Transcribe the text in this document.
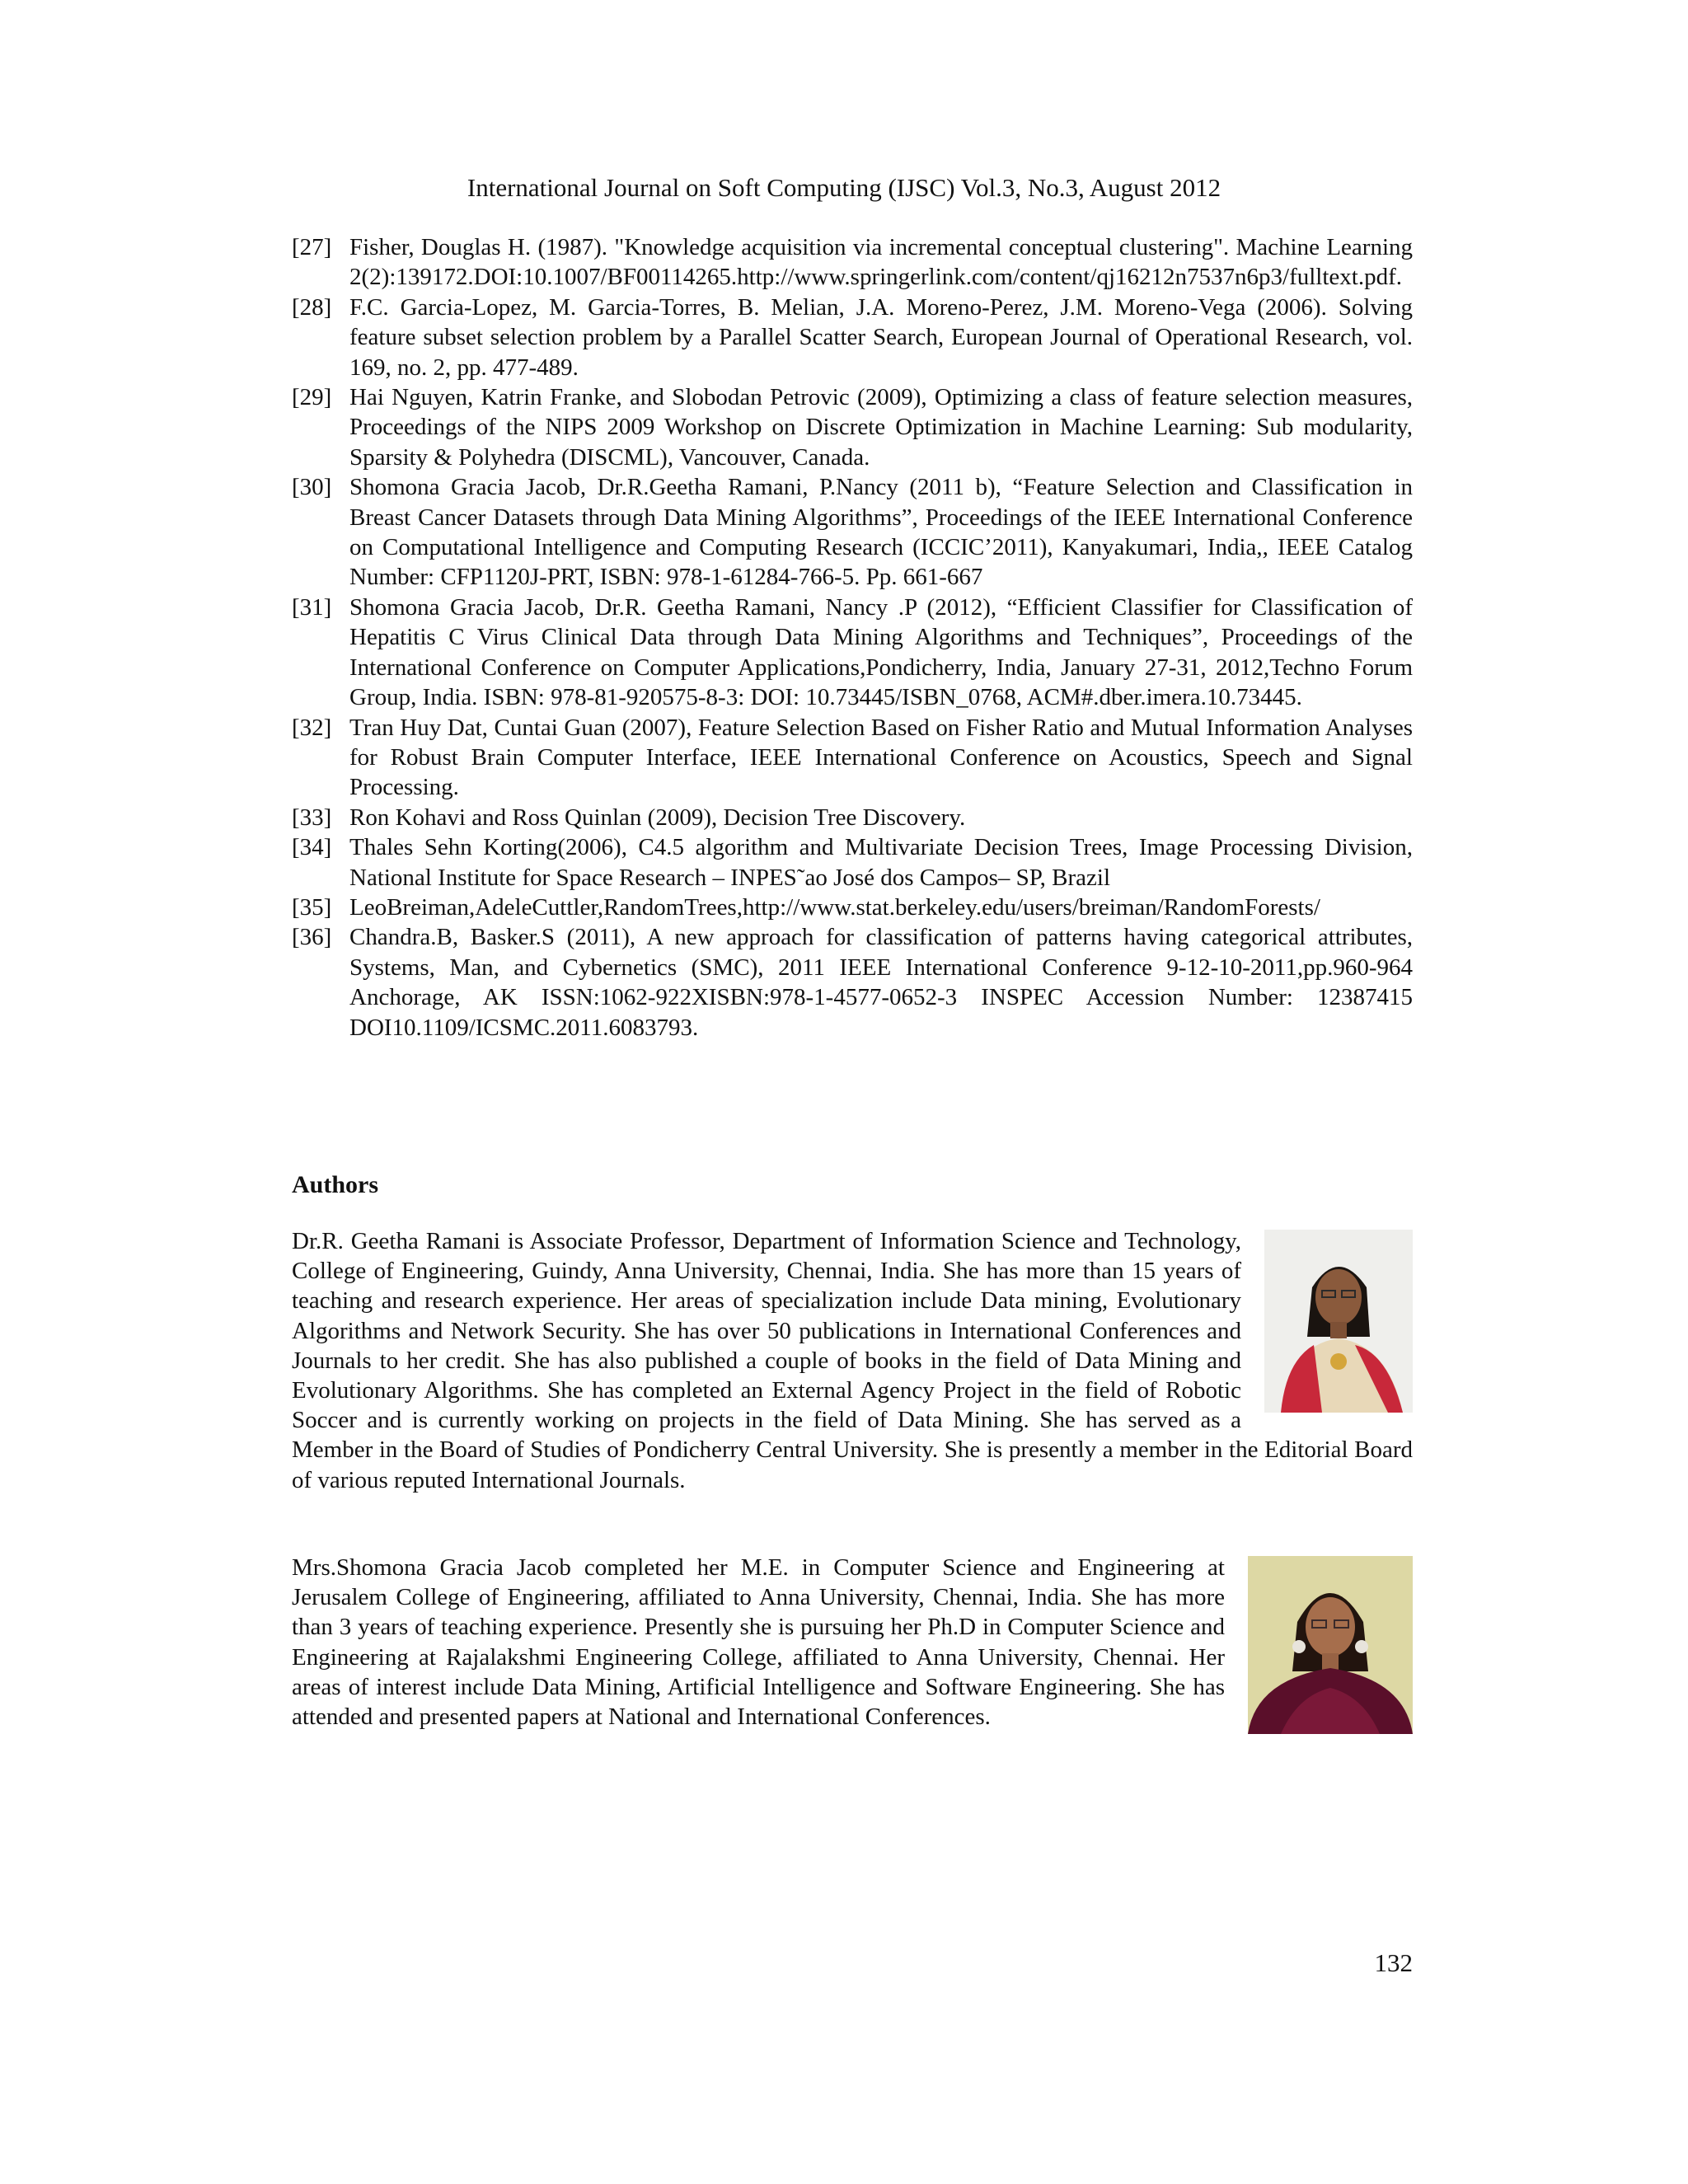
International Journal on Soft Computing (IJSC) Vol.3, No.3, August 2012
[27] Fisher, Douglas H. (1987). "Knowledge acquisition via incremental conceptual clustering". Machine Learning2(2):139172.DOI:10.1007/BF00114265.http://www.springerlink.com/content/qj16212n7537n6p3/fulltext.pdf.
[28] F.C. Garcia-Lopez, M. Garcia-Torres, B. Melian, J.A. Moreno-Perez, J.M. Moreno-Vega (2006). Solving feature subset selection problem by a Parallel Scatter Search, European Journal of Operational Research, vol. 169, no. 2, pp. 477-489.
[29] Hai Nguyen, Katrin Franke, and Slobodan Petrovic (2009), Optimizing a class of feature selection measures, Proceedings of the NIPS 2009 Workshop on Discrete Optimization in Machine Learning: Sub modularity, Sparsity & Polyhedra (DISCML), Vancouver, Canada.
[30] Shomona Gracia Jacob, Dr.R.Geetha Ramani, P.Nancy (2011 b), “Feature Selection and Classification in Breast Cancer Datasets through Data Mining Algorithms”, Proceedings of the IEEE International Conference on Computational Intelligence and Computing Research (ICCIC’2011), Kanyakumari, India,, IEEE Catalog Number: CFP1120J-PRT, ISBN: 978-1-61284-766-5. Pp. 661-667
[31] Shomona Gracia Jacob, Dr.R. Geetha Ramani, Nancy .P (2012), “Efficient Classifier for Classification of Hepatitis C Virus Clinical Data through Data Mining Algorithms and Techniques”, Proceedings of the International Conference on Computer Applications,Pondicherry, India, January 27-31, 2012,Techno Forum Group, India. ISBN: 978-81-920575-8-3: DOI: 10.73445/ISBN_0768, ACM#.dber.imera.10.73445.
[32] Tran Huy Dat, Cuntai Guan (2007), Feature Selection Based on Fisher Ratio and Mutual Information Analyses for Robust Brain Computer Interface, IEEE International Conference on Acoustics, Speech and Signal Processing.
[33] Ron Kohavi and Ross Quinlan (2009), Decision Tree Discovery.
[34] Thales Sehn Korting(2006), C4.5 algorithm and Multivariate Decision Trees, Image Processing Division, National Institute for Space Research – INPES˜ao José dos Campos– SP, Brazil
[35] LeoBreiman,AdeleCuttler,RandomTrees,http://www.stat.berkeley.edu/users/breiman/RandomForests/
[36] Chandra.B, Basker.S (2011), A new approach for classification of patterns having categorical attributes, Systems, Man, and Cybernetics (SMC), 2011 IEEE International Conference 9-12-10-2011,pp.960-964 Anchorage, AK ISSN:1062-922XISBN:978-1-4577-0652-3 INSPEC Accession Number: 12387415 DOI10.1109/ICSMC.2011.6083793.
Authors
Dr.R. Geetha Ramani is Associate Professor, Department of Information Science and Technology, College of Engineering, Guindy, Anna University, Chennai, India. She has more than 15 years of teaching and research experience. Her areas of specialization include Data mining, Evolutionary Algorithms and Network Security. She has over 50 publications in International Conferences and Journals to her credit. She has also published a couple of books in the field of Data Mining and Evolutionary Algorithms. She has completed an External Agency Project in the field of Robotic Soccer and is currently working on projects in the field of Data Mining. She has served as a Member in the Board of Studies of Pondicherry Central University. She is presently a member in the Editorial Board of various reputed International Journals.
Mrs.Shomona Gracia Jacob completed her M.E. in Computer Science and Engineering at Jerusalem College of Engineering, affiliated to Anna University, Chennai, India. She has more than 3 years of teaching experience. Presently she is pursuing her Ph.D in Computer Science and Engineering at Rajalakshmi Engineering College, affiliated to Anna University, Chennai. Her areas of interest include Data Mining, Artificial Intelligence and Software Engineering. She has attended and presented papers at National and International Conferences.
132
